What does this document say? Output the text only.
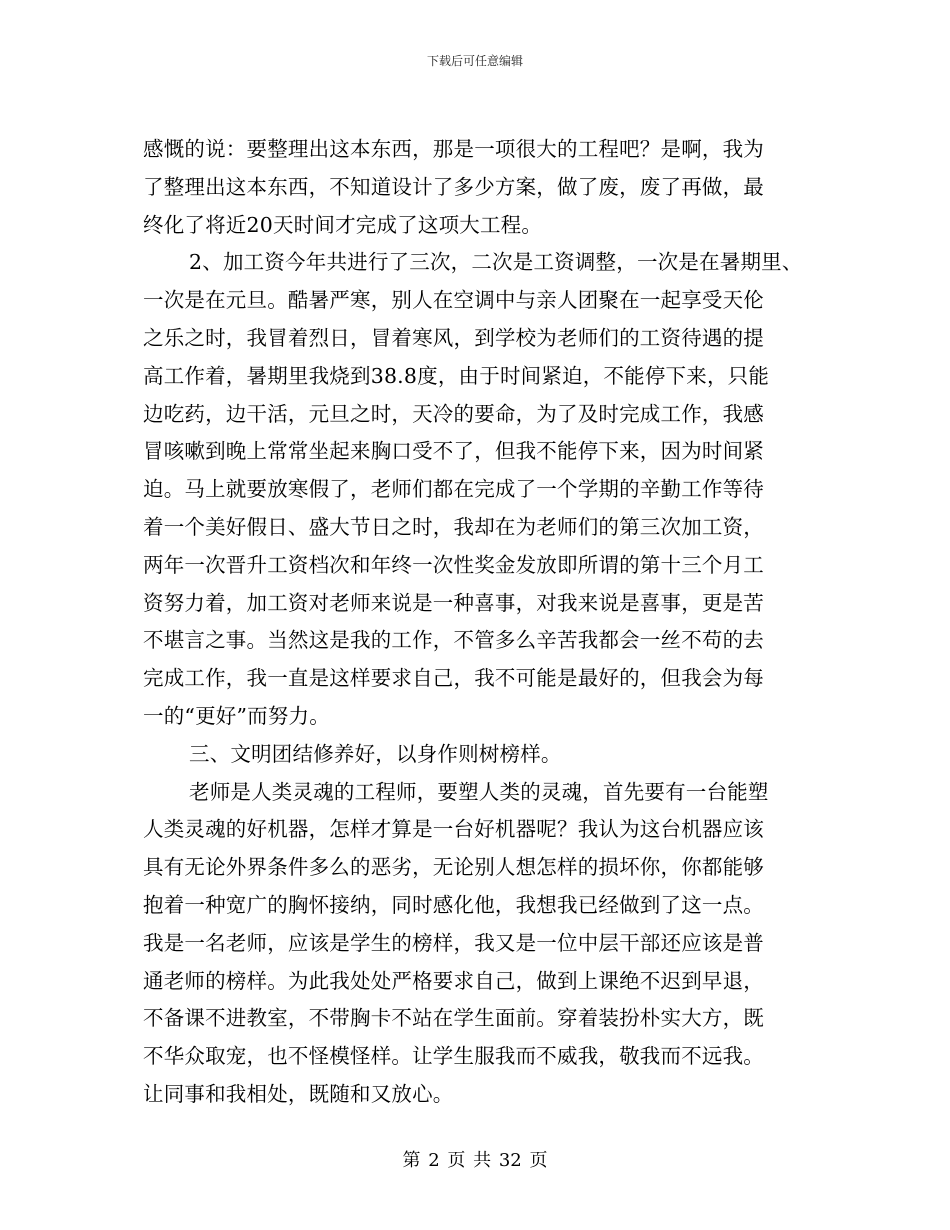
下载后可任意编辑
感慨的说：要整理出这本东西，那是一项很大的工程吧？是啊，我为
了整理出这本东西，不知道设计了多少方案，做了废，废了再做，最
终化了将近20天时间才完成了这项大工程。
2、加工资今年共进行了三次，二次是工资调整，一次是在暑期里、
一次是在元旦。酷暑严寒，别人在空调中与亲人团聚在一起享受天伦
之乐之时，我冒着烈日，冒着寒风，到学校为老师们的工资待遇的提
高工作着，暑期里我烧到38.8度，由于时间紧迫，不能停下来，只能
边吃药，边干活，元旦之时，天冷的要命，为了及时完成工作，我感
冒咳嗽到晚上常常坐起来胸口受不了，但我不能停下来，因为时间紧
迫。马上就要放寒假了，老师们都在完成了一个学期的辛勤工作等待
着一个美好假日、盛大节日之时，我却在为老师们的第三次加工资，
两年一次晋升工资档次和年终一次性奖金发放即所谓的第十三个月工
资努力着，加工资对老师来说是一种喜事，对我来说是喜事，更是苦
不堪言之事。当然这是我的工作，不管多么辛苦我都会一丝不苟的去
完成工作，我一直是这样要求自己，我不可能是最好的，但我会为每
一的“更好”而努力。
三、文明团结修养好，以身作则树榜样。
老师是人类灵魂的工程师，要塑人类的灵魂，首先要有一台能塑
人类灵魂的好机器，怎样才算是一台好机器呢？我认为这台机器应该
具有无论外界条件多么的恶劣，无论别人想怎样的损坏你，你都能够
抱着一种宽广的胸怀接纳，同时感化他，我想我已经做到了这一点。
我是一名老师，应该是学生的榜样，我又是一位中层干部还应该是普
通老师的榜样。为此我处处严格要求自己，做到上课绝不迟到早退，
不备课不进教室，不带胸卡不站在学生面前。穿着装扮朴实大方，既
不华众取宠，也不怪模怪样。让学生服我而不威我，敬我而不远我。
让同事和我相处，既随和又放心。
第 2 页 共 32 页
